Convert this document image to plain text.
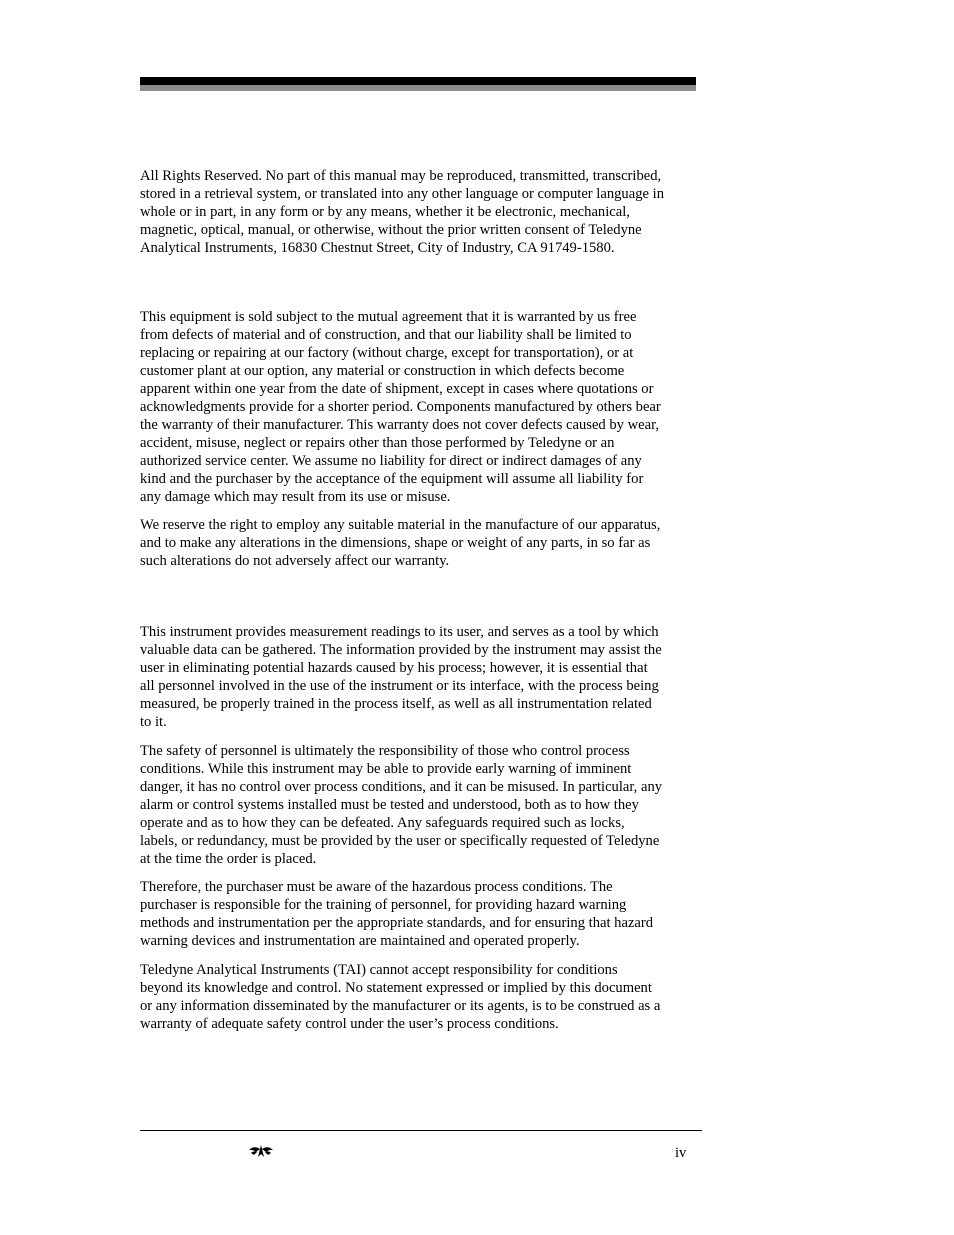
All Rights Reserved. No part of this manual may be reproduced, transmitted, transcribed,
stored in a retrieval system, or translated into any other language or computer language in
whole or in part, in any form or by any means, whether it be electronic, mechanical,
magnetic, optical, manual, or otherwise, without the prior written consent of Teledyne
Analytical Instruments, 16830 Chestnut Street, City of Industry, CA 91749-1580.
This equipment is sold subject to the mutual agreement that it is warranted by us free
from defects of material and of construction, and that our liability shall be limited to
replacing or repairing at our factory (without charge, except for transportation), or at
customer plant at our option, any material or construction in which defects become
apparent within one year from the date of shipment, except in cases where quotations or
acknowledgments provide for a shorter period. Components manufactured by others bear
the warranty of their manufacturer. This warranty does not cover defects caused by wear,
accident, misuse, neglect or repairs other than those performed by Teledyne or an
authorized service center. We assume no liability for direct or indirect damages of any
kind and the purchaser by the acceptance of the equipment will assume all liability for
any damage which may result from its use or misuse.
We reserve the right to employ any suitable material in the manufacture of our apparatus,
and to make any alterations in the dimensions, shape or weight of any parts, in so far as
such alterations do not adversely affect our warranty.
This instrument provides measurement readings to its user, and serves as a tool by which
valuable data can be gathered. The information provided by the instrument may assist the
user in eliminating potential hazards caused by his process; however, it is essential that
all personnel involved in the use of the instrument or its interface, with the process being
measured, be properly trained in the process itself, as well as all instrumentation related
to it.
The safety of personnel is ultimately the responsibility of those who control process
conditions. While this instrument may be able to provide early warning of imminent
danger, it has no control over process conditions, and it can be misused. In particular, any
alarm or control systems installed must be tested and understood, both as to how they
operate and as to how they can be defeated. Any safeguards required such as locks,
labels, or redundancy, must be provided by the user or specifically requested of Teledyne
at the time the order is placed.
Therefore, the purchaser must be aware of the hazardous process conditions. The
purchaser is responsible for the training of personnel, for providing hazard warning
methods and instrumentation per the appropriate standards, and for ensuring that hazard
warning devices and instrumentation are maintained and operated properly.
Teledyne Analytical Instruments (TAI) cannot accept responsibility for conditions
beyond its knowledge and control. No statement expressed or implied by this document
or any information disseminated by the manufacturer or its agents, is to be construed as a
warranty of adequate safety control under the user’s process conditions.
iv
